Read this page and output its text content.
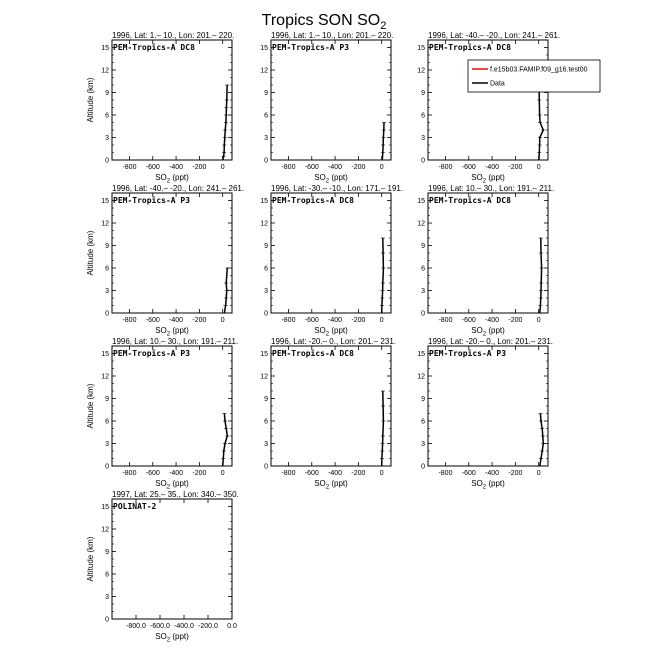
Tropics SON $SO_2$
1996, Lat: 1.– 10., Lon: 201.– 220.
PEM-Tropics-A DC8
0
3
6
9
12
15
-800 -600 -400 -200 0
$SO_2$ (ppt)
Altitude (km)
1996, Lat: 1.– 10., Lon: 201.– 220.
PEM-Tropics-A P3
0
3
6
9
12
15
-800 -600 -400 -200 0
$SO_2$ (ppt)
1996, Lat: -40.– -20., Lon: 241.– 261.
PEM-Tropics-A DC8
0
3
6
9
12
15
-800 -600 -400 -200 0
$SO_2$ (ppt)
f.e15b03.FAMIP.f09_g16.test00
Data
1996, Lat: -40.– -20., Lon: 241.– 261.
PEM-Tropics-A P3
0
3
6
9
12
15
-800 -600 -400 -200 0
$SO_2$ (ppt)
Altitude (km)
1996, Lat: -30.– -10., Lon: 171.– 191.
PEM-Tropics-A DC8
0
3
6
9
12
15
-800 -600 -400 -200 0
$SO_2$ (ppt)
1996, Lat: 10.– 30., Lon: 191.– 211.
PEM-Tropics-A DC8
0
3
6
9
12
15
-800 -600 -400 -200 0
$SO_2$ (ppt)
1996, Lat: 10.– 30., Lon: 191.– 211.
PEM-Tropics-A P3
0
3
6
9
12
15
-800 -600 -400 -200 0
$SO_2$ (ppt)
Altitude (km)
1996, Lat: -20.– 0., Lon: 201.– 231.
PEM-Tropics-A DC8
0
3
6
9
12
15
-800 -600 -400 -200 0
$SO_2$ (ppt)
1996, Lat: -20.– 0., Lon: 201.– 231.
PEM-Tropics-A P3
0
3
6
9
12
15
-800 -600 -400 -200 0
$SO_2$ (ppt)
1997, Lat: 25.– 35., Lon: 340.– 350.
POLINAT-2
0
3
6
9
12
15
-800.0 -600.0 -400.0 -200.0 0.0
$SO_2$ (ppt)
Altitude (km)
